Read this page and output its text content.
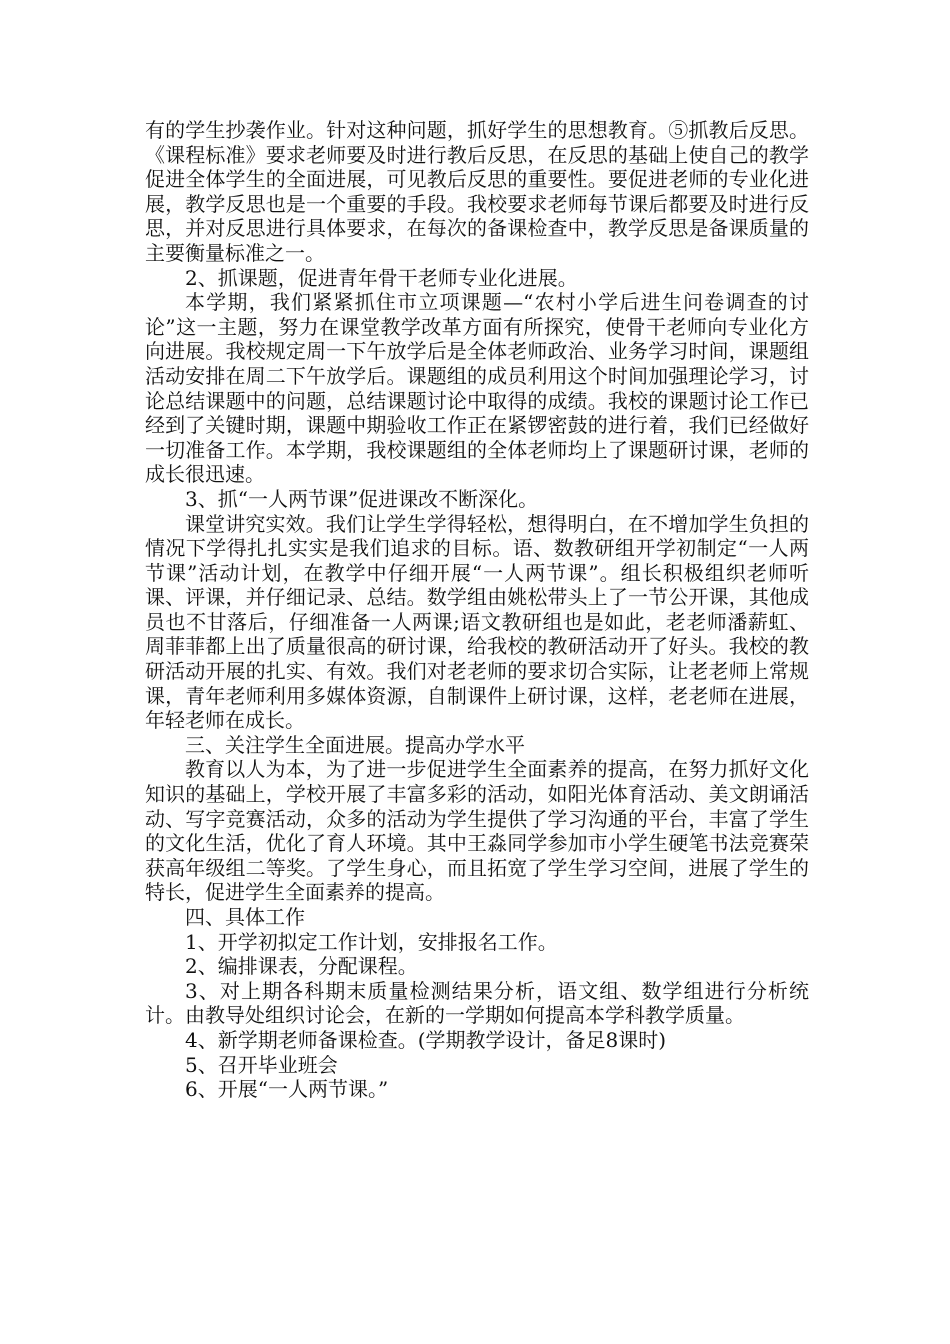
有的学生抄袭作业。针对这种问题，抓好学生的思想教育。⑤抓教后反思。《课程标准》要求老师要及时进行教后反思，在反思的基础上使自己的教学促进全体学生的全面进展，可见教后反思的重要性。要促进老师的专业化进展，教学反思也是一个重要的手段。我校要求老师每节课后都要及时进行反思，并对反思进行具体要求，在每次的备课检查中，教学反思是备课质量的主要衡量标准之一。

2、抓课题，促进青年骨干老师专业化进展。

本学期，我们紧紧抓住市立项课题—“农村小学后进生问卷调查的讨论”这一主题，努力在课堂教学改革方面有所探究，使骨干老师向专业化方向进展。我校规定周一下午放学后是全体老师政治、业务学习时间，课题组活动安排在周二下午放学后。课题组的成员利用这个时间加强理论学习，讨论总结课题中的问题，总结课题讨论中取得的成绩。我校的课题讨论工作已经到了关键时期，课题中期验收工作正在紧锣密鼓的进行着，我们已经做好一切准备工作。本学期，我校课题组的全体老师均上了课题研讨课，老师的成长很迅速。

3、抓“一人两节课”促进课改不断深化。

课堂讲究实效。我们让学生学得轻松，想得明白，在不增加学生负担的情况下学得扎扎实实是我们追求的目标。语、数教研组开学初制定“一人两节课”活动计划，在教学中仔细开展“一人两节课”。组长积极组织老师听课、评课，并仔细记录、总结。数学组由姚松带头上了一节公开课，其他成员也不甘落后，仔细准备一人两课;语文教研组也是如此，老老师潘薪虹、周菲菲都上出了质量很高的研讨课，给我校的教研活动开了好头。我校的教研活动开展的扎实、有效。我们对老老师的要求切合实际，让老老师上常规课，青年老师利用多媒体资源，自制课件上研讨课，这样，老老师在进展，年轻老师在成长。

三、关注学生全面进展。提高办学水平

教育以人为本，为了进一步促进学生全面素养的提高，在努力抓好文化知识的基础上，学校开展了丰富多彩的活动，如阳光体育活动、美文朗诵活动、写字竞赛活动，众多的活动为学生提供了学习沟通的平台，丰富了学生的文化生活，优化了育人环境。其中王淼同学参加市小学生硬笔书法竞赛荣获高年级组二等奖。了学生身心，而且拓宽了学生学习空间，进展了学生的特长，促进学生全面素养的提高。

四、具体工作

1、开学初拟定工作计划，安排报名工作。

2、编排课表，分配课程。

3、对上期各科期末质量检测结果分析，语文组、数学组进行分析统计。由教导处组织讨论会，在新的一学期如何提高本学科教学质量。

4、新学期老师备课检查。(学期教学设计，备足8课时)

5、召开毕业班会

6、开展“一人两节课。”
